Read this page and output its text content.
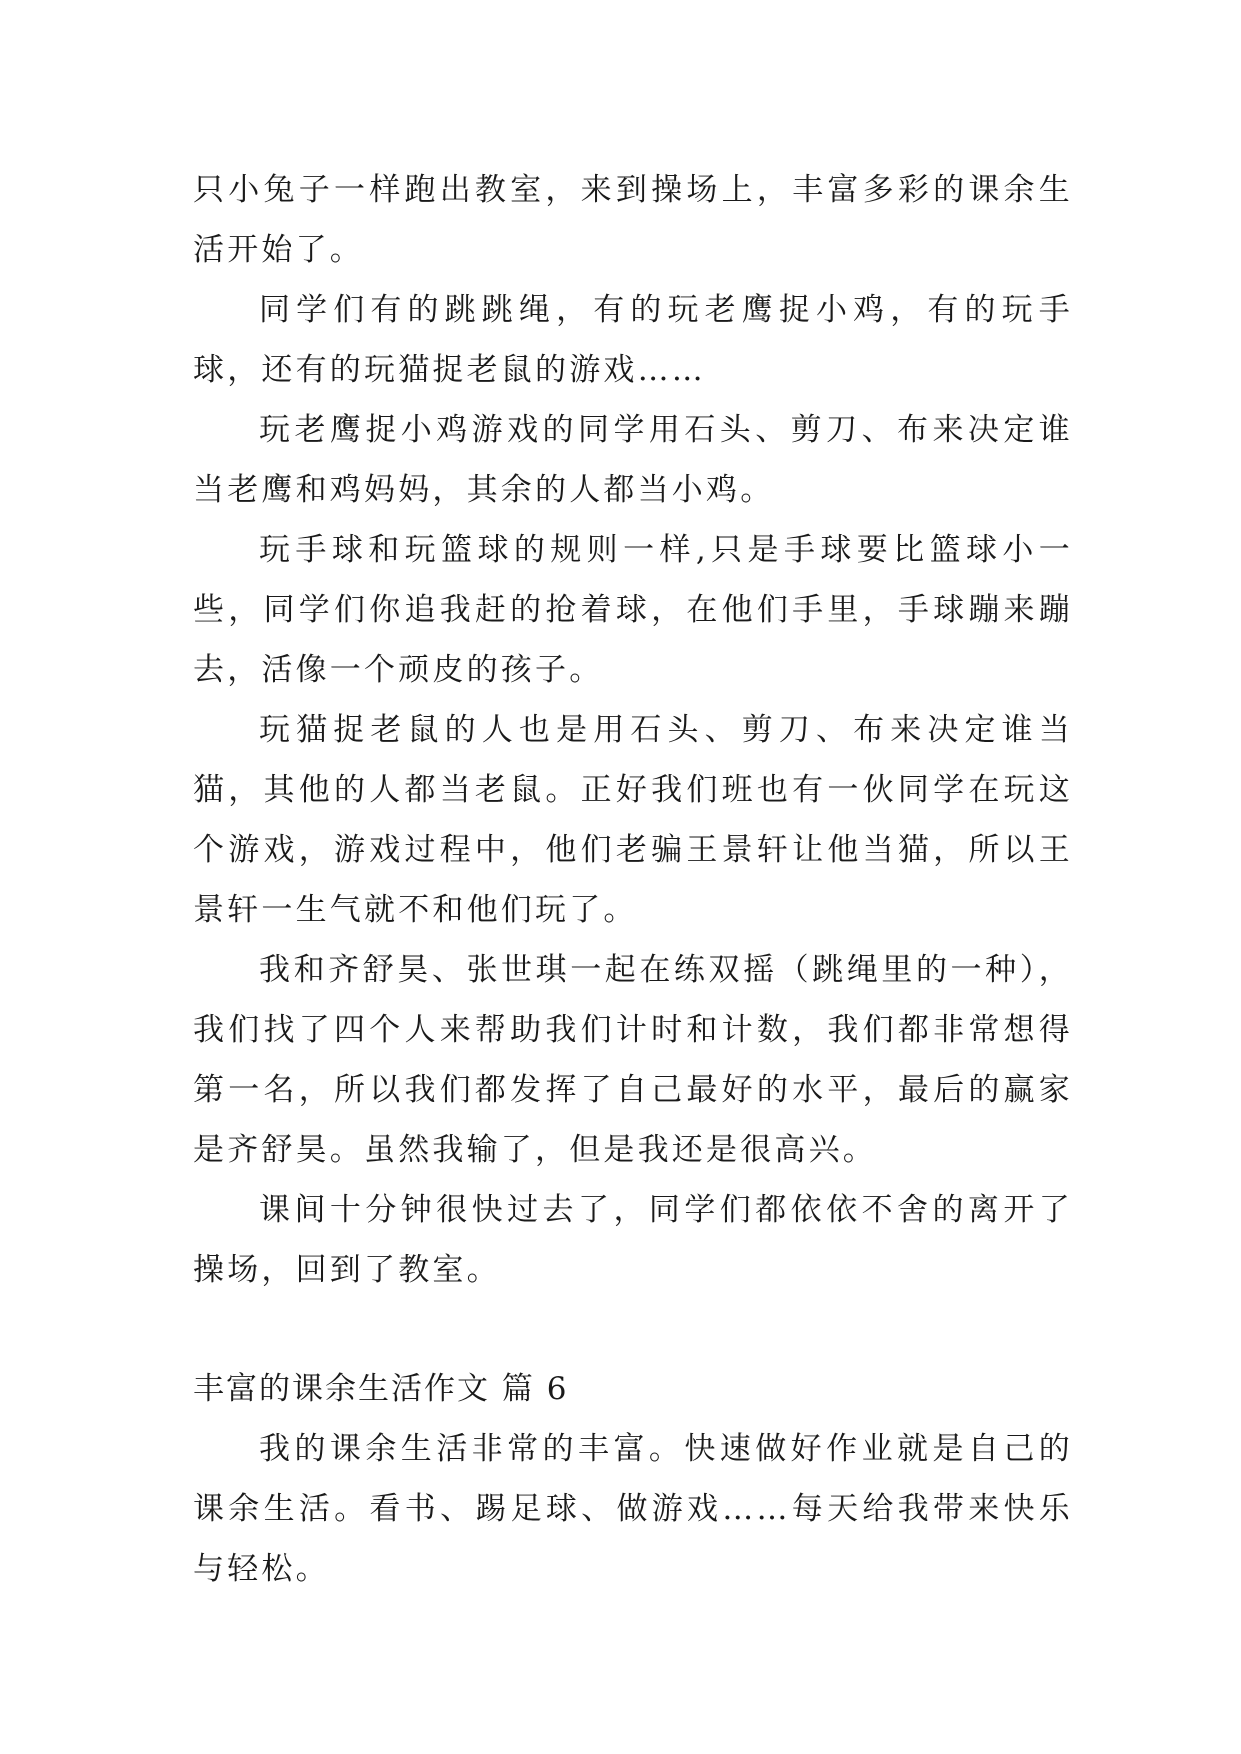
只小兔子一样跑出教室，来到操场上，丰富多彩的课余生活开始了。

同学们有的跳跳绳，有的玩老鹰捉小鸡，有的玩手球，还有的玩猫捉老鼠的游戏……

玩老鹰捉小鸡游戏的同学用石头、剪刀、布来决定谁当老鹰和鸡妈妈，其余的人都当小鸡。

玩手球和玩篮球的规则一样,只是手球要比篮球小一些，同学们你追我赶的抢着球，在他们手里，手球蹦来蹦去，活像一个顽皮的孩子。

玩猫捉老鼠的人也是用石头、剪刀、布来决定谁当猫，其他的人都当老鼠。正好我们班也有一伙同学在玩这个游戏，游戏过程中，他们老骗王景轩让他当猫，所以王景轩一生气就不和他们玩了。

我和齐舒昊、张世琪一起在练双摇（跳绳里的一种），我们找了四个人来帮助我们计时和计数，我们都非常想得第一名，所以我们都发挥了自己最好的水平，最后的赢家是齐舒昊。虽然我输了，但是我还是很高兴。

课间十分钟很快过去了，同学们都依依不舍的离开了操场，回到了教室。

丰富的课余生活作文 篇 6

我的课余生活非常的丰富。快速做好作业就是自己的课余生活。看书、踢足球、做游戏……每天给我带来快乐与轻松。
